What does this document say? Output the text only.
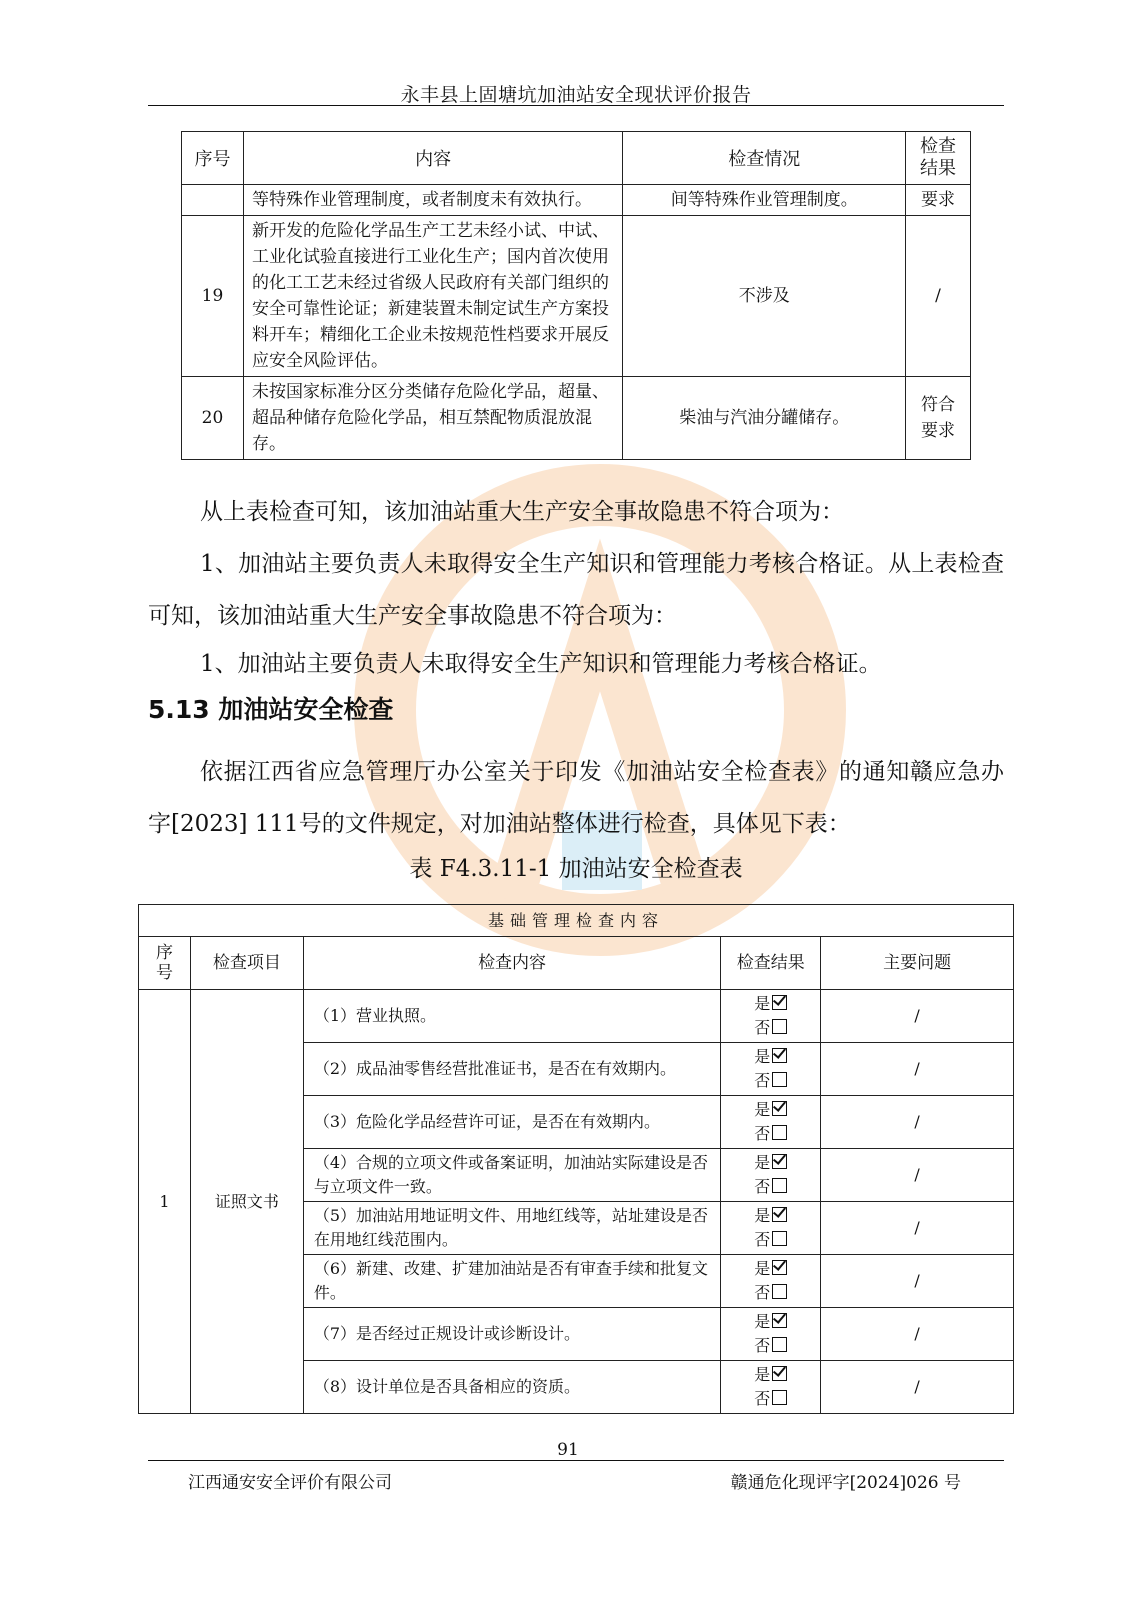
永丰县上固塘坑加油站安全现状评价报告
序号	内容	检查情况	检查
结果

	等特殊作业管理制度，或者制度未有效执行。	间等特殊作业管理制度。	要求
19	新开发的危险化学品生产工艺未经小试、中试、工业化试验直接进行工业化生产；国内首次使用的化工工艺未经过省级人民政府有关部门组织的安全可靠性论证；新建装置未制定试生产方案投料开车；精细化工企业未按规范性档要求开展反应安全风险评估。	不涉及	/
20	未按国家标准分区分类储存危险化学品，超量、超品种储存危险化学品，相互禁配物质混放混存。	柴油与汽油分罐储存。	符合
要求
从上表检查可知，该加油站重大生产安全事故隐患不符合项为：
1、加油站主要负责人未取得安全生产知识和管理能力考核合格证。从上表检查可知，该加油站重大生产安全事故隐患不符合项为：
1、加油站主要负责人未取得安全生产知识和管理能力考核合格证。
5.13 加油站安全检查
依据江西省应急管理厅办公室关于印发《加油站安全检查表》的通知赣应急办字[2023] 111号的文件规定，对加油站整体进行检查，具体见下表：
表 F4.3.11-1 加油站安全检查表
基础管理检查内容				

序
号	检查项目	检查内容	检查结果	主要问题
1	证照文书	（1）营业执照。	是
否	/
		（2）成品油零售经营批准证书，是否在有效期内。	是
否	/
		（3）危险化学品经营许可证，是否在有效期内。	是
否	/
		（4）合规的立项文件或备案证明，加油站实际建设是否与立项文件一致。	是
否	/
		（5）加油站用地证明文件、用地红线等，站址建设是否在用地红线范围内。	是
否	/
		（6）新建、改建、扩建加油站是否有审查手续和批复文件。	是
否	/
		（7）是否经过正规设计或诊断设计。	是
否	/
		（8）设计单位是否具备相应的资质。	是
否	/
91
江西通安安全评价有限公司	赣通危化现评字[2024]026 号
